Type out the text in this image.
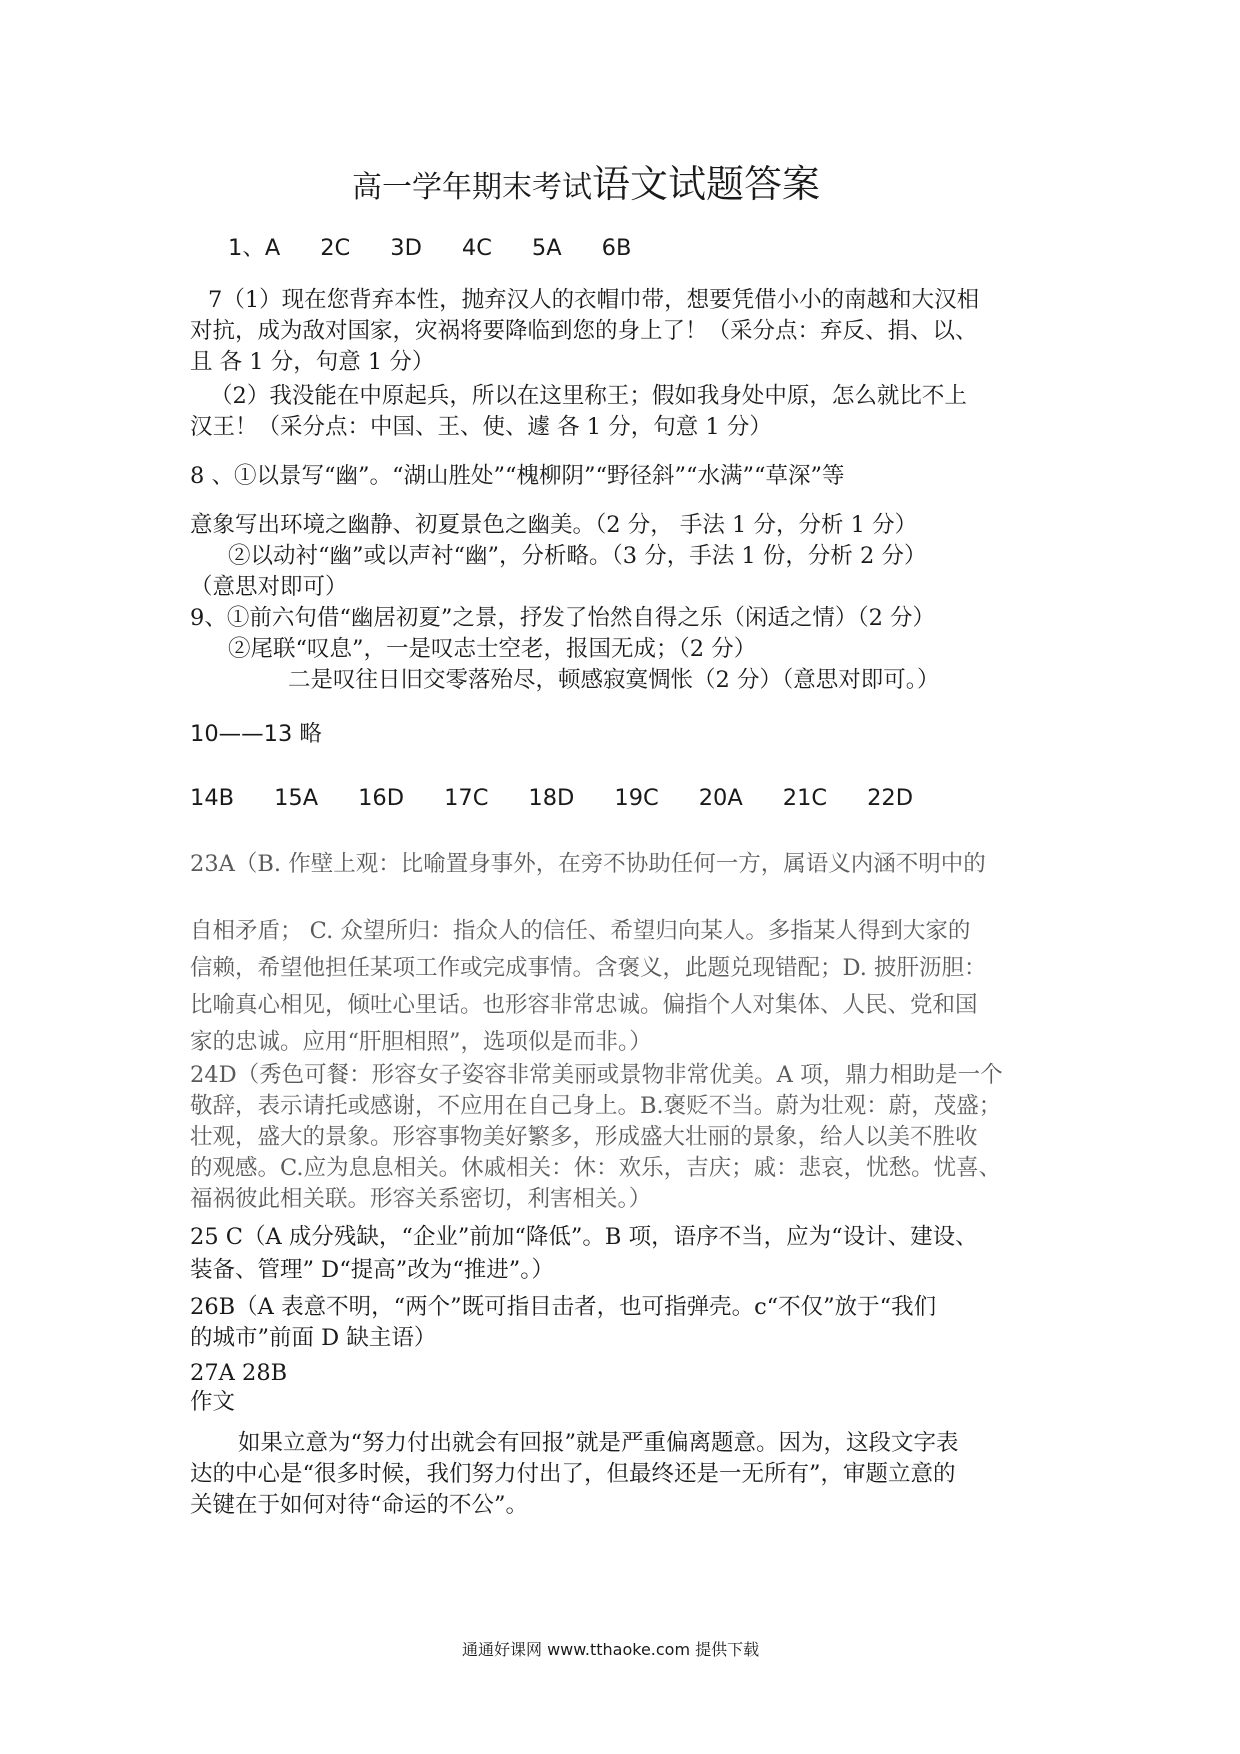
高一学年期末考试语文试题答案
1、A 2C 3D 4C 5A 6B
7（1）现在您背弃本性，抛弃汉人的衣帽巾带，想要凭借小小的南越和大汉相
对抗，成为敌对国家，灾祸将要降临到您的身上了！（采分点：弃反、捐、以、
且 各 1 分，句意 1 分）
（2）我没能在中原起兵，所以在这里称王；假如我身处中原，怎么就比不上
汉王！（采分点：中国、王、使、遽 各 1 分，句意 1 分）
8 、①以景写“幽”。“湖山胜处”“槐柳阴”“野径斜”“水满”“草深”等
意象写出环境之幽静、初夏景色之幽美。（2 分， 手法 1 分，分析 1 分）
②以动衬“幽”或以声衬“幽”，分析略。（3 分，手法 1 份，分析 2 分）
（意思对即可）
9、①前六句借“幽居初夏”之景，抒发了怡然自得之乐（闲适之情）（2 分）
②尾联“叹息”，一是叹志士空老，报国无成；（2 分）
二是叹往日旧交零落殆尽，顿感寂寞惆怅（2 分）（意思对即可。）
10——13 略
14B 15A 16D 17C 18D 19C 20A 21C 22D
23A（B. 作壁上观：比喻置身事外，在旁不协助任何一方，属语义内涵不明中的
自相矛盾； C. 众望所归：指众人的信任、希望归向某人。多指某人得到大家的
信赖，希望他担任某项工作或完成事情。含褒义，此题兑现错配；D. 披肝沥胆：
比喻真心相见，倾吐心里话。也形容非常忠诚。偏指个人对集体、人民、党和国
家的忠诚。应用“肝胆相照”，选项似是而非。）
24D（秀色可餐：形容女子姿容非常美丽或景物非常优美。A 项，鼎力相助是一个
敬辞，表示请托或感谢，不应用在自己身上。B.褒贬不当。蔚为壮观：蔚，茂盛；
壮观，盛大的景象。形容事物美好繁多，形成盛大壮丽的景象，给人以美不胜收
的观感。C.应为息息相关。休戚相关：休：欢乐，吉庆；戚：悲哀，忧愁。忧喜、
福祸彼此相关联。形容关系密切，利害相关。）
25 C（A 成分残缺，“企业”前加“降低”。B 项，语序不当，应为“设计、建设、
装备、管理” D“提高”改为“推进”。）
26B（A 表意不明，“两个”既可指目击者，也可指弹壳。c“不仅”放于“我们
的城市”前面 D 缺主语）
27A 28B
作文
如果立意为“努力付出就会有回报”就是严重偏离题意。因为，这段文字表
达的中心是“很多时候，我们努力付出了，但最终还是一无所有”，审题立意的
关键在于如何对待“命运的不公”。
通通好课网 www.tthaoke.com 提供下载
